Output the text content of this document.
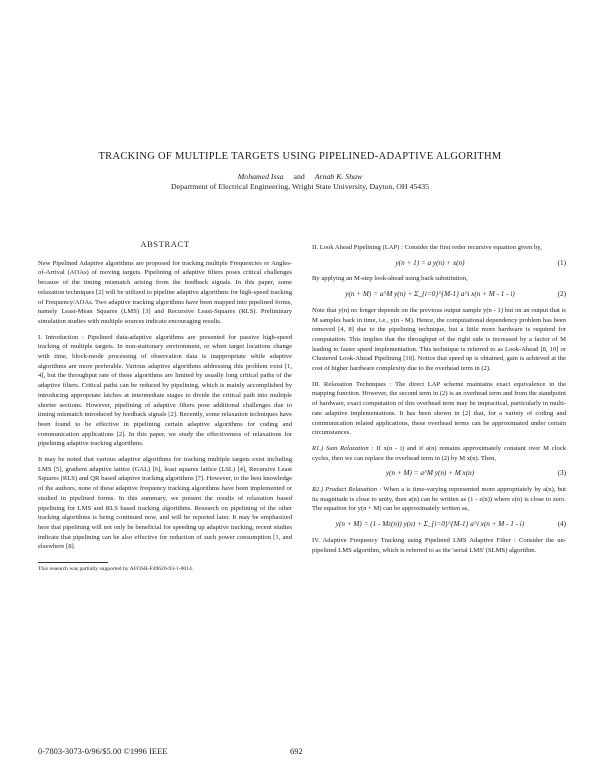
TRACKING OF MULTIPLE TARGETS USING PIPELINED-ADAPTIVE ALGORITHM
Mohamed Issa and Arnab K. Shaw
Department of Electrical Engineering, Wright State University, Dayton, OH 45435
ABSTRACT

New Pipelined Adaptive algorithms are proposed for tracking multiple Frequencies or Angles-of-Arrival (AOAs) of moving targets. Pipelining of adaptive filters poses critical challenges because of the timing mismatch arising from the feedback signals. In this paper, some relaxation techniques [2] will be utilized to pipeline adaptive algorithms for high-speed tracking of Frequency/AOAs. Two adaptive tracking algorithms have been mapped into pipelined forms, namely Least-Mean Squares (LMS) [3] and Recursive Least-Squares (RLS). Preliminary simulation studies with multiple sources indicate encouraging results.

I. Introduction : Pipelined data-adaptive algorithms are presented for passive high-speed tracking of multiple targets. In non-stationary environment, or when target locations change with time, block-mode processing of observation data is inappropriate while adaptive algorithms are more preferable. Various adaptive algorithms addressing this problem exist [1, 4], but the throughput rate of these algorithms are limited by usually long critical paths of the adaptive filters. Critical paths can be reduced by pipelining, which is mainly accomplished by introducing appropriate latches at intermediate stages to divide the critical path into multiple shorter sections. However, pipelining of adaptive filters pose additional challenges due to timing mismatch introduced by feedback signals [2]. Recently, some relaxation techniques have been found to be effective in pipelining certain adaptive algorithms for coding and communication applications [2]. In this paper, we study the effectiveness of relaxations for pipelining adaptive tracking algorithms.

It may be noted that various adaptive algorithms for tracking multiple targets exist including LMS [5], gradient adaptive lattice (GAL) [6], least squares lattice (LSL) [4], Recursive Least Squares (RLS) and QR based adaptive tracking algorithms [7]. However, to the best knowledge of the authors, none of these adaptive frequency tracking algorithms have been implemented or studied in pipelined forms. In this summary, we present the results of relaxation based pipelining for LMS and RLS based tracking algorithms. Research on pipelining of the other tracking algorithms is being continued now, and will be reported later. It may be emphasized here that pipelining will not only be beneficial for speeding up adaptive tracking, recent studies indicate that pipelining can be also effective for reduction of such power consumption [1, and elsewhere [8].

This research was partially supported by AFOSR-F49620-93-1-0014.

II. Look Ahead Pipelining (LAP) : Consider the first order recursive equation given by,

y(n + 1) = a y(n) + x(n)	(1)

By applying an M-step look-ahead using back substitution,

y(n + M) = a^M y(n) + Σ_{i=0}^{M-1} a^i x(n + M - 1 - i)	(2)

Note that y(n) no longer depends on the previous output sample y(n - 1) but on an output that is M samples back in time, i.e., y(n - M). Hence, the computational dependency problem has been removed [4, 8] due to the pipelining technique, but a little more hardware is required for computation. This implies that the throughput of the right side is increased by a factor of M leading to faster speed implementation. This technique is referred to as Look-Ahead [8, 10] or Clustered Look-Ahead Pipelining [10]. Notice that speed up is obtained, gain is achieved at the cost of higher hardware complexity due to the overhead term in (2).

III. Relaxation Techniques : The direct LAP scheme maintains exact equivalence in the mapping function. However, the second term in (2) is an overhead term and from the standpoint of hardware, exact computation of this overhead term may be impractical, particularly in multi-rate adaptive implementations. It has been shown in [2] that, for a variety of coding and communication related applications, these overhead terms can be approximated under certain circumstances.

R1.) Sum Relaxation : If x(n - i) and if a(n) remains approximately constant over M clock cycles, then we can replace the overhead term in (2) by M x(n). Then,

y(n + M) = a^M y(n) + M x(n)	(3)

R2.) Product Relaxation : When a is time-varying represented more appropriately by a(n), but its magnitude is close to unity, then a(n) can be written as (1 - ε(n)) where ε(n) is close to zero. The equation for y(n + M) can be approximately written as,

y(n + M) = (1 - Mε(n)) y(n) + Σ_{i=0}^{M-1} a^i x(n + M - 1 - i)	(4)

IV. Adaptive Frequency Tracking using Pipelined LMS Adaptive Filter : Consider the un-pipelined LMS algorithm, which is referred to as the 'serial LMS' (SLMS) algorithm.

0-7803-3073-0/96/$5.00 ©1996 IEEE	692
